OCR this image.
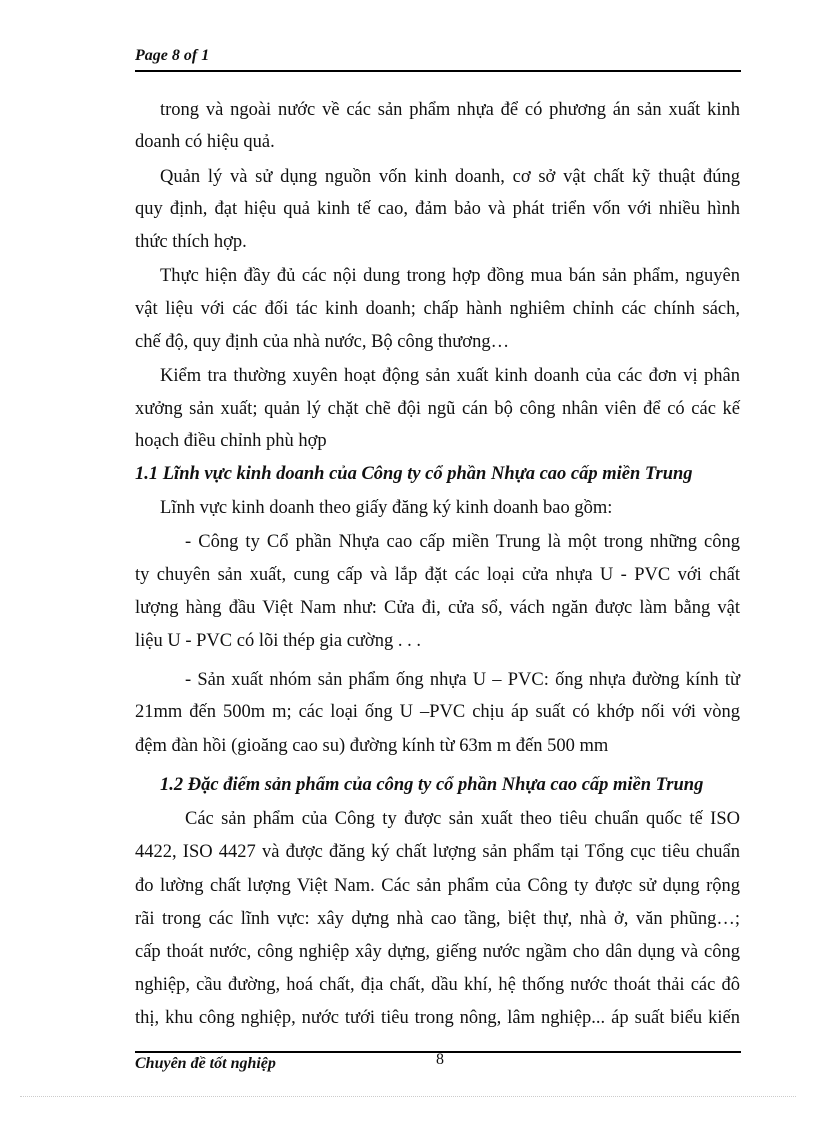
Page 8 of 1
trong và ngoài nước về các sản phẩm nhựa để có phương án sản xuất kinh
doanh có hiệu quả.
Quản lý và sử dụng nguồn vốn kinh doanh, cơ sở vật chất kỹ thuật đúng
quy định, đạt hiệu quả kinh tế cao, đảm bảo và phát triển vốn với nhiều hình
thức thích hợp.
Thực hiện đầy đủ các nội dung trong hợp đồng mua bán sản phẩm, nguyên
vật liệu với các đối tác kinh doanh; chấp hành nghiêm chỉnh các chính sách,
chế độ, quy định của nhà nước, Bộ công thương…
Kiểm tra thường xuyên hoạt động sản xuất kinh doanh của các đơn vị phân
xưởng sản xuất; quản lý chặt chẽ đội ngũ cán bộ công nhân viên để có các kế
hoạch điều chỉnh phù hợp
1.1 Lĩnh vực kinh doanh của Công ty cổ phần Nhựa cao cấp miền Trung
Lĩnh vực kinh doanh theo giấy đăng ký kinh doanh bao gồm:
- Công ty Cổ phần Nhựa cao cấp miền Trung là một trong những công
ty chuyên sản xuất, cung cấp và lắp đặt các loại cửa nhựa U - PVC với chất
lượng hàng đầu Việt Nam như: Cửa đi, cửa sổ, vách ngăn được làm bằng vật
liệu U - PVC có lõi thép gia cường . . .
- Sản xuất nhóm sản phẩm ống nhựa U – PVC: ống nhựa đường kính từ
21mm đến 500m m; các loại ống U –PVC chịu áp suất có khớp nối với vòng
đệm đàn hồi (gioăng cao su) đường kính từ 63m m đến 500 mm
1.2 Đặc điểm sản phẩm của công ty cổ phần Nhựa cao cấp miền Trung
Các sản phẩm của Công ty được sản xuất theo tiêu chuẩn quốc tế ISO
4422, ISO 4427 và được đăng ký chất lượng sản phẩm tại Tổng cục tiêu chuẩn
đo lường chất lượng Việt Nam. Các sản phẩm của Công ty được sử dụng rộng
rãi trong các lĩnh vực: xây dựng nhà cao tầng, biệt thự, nhà ở, văn phũng…;
cấp thoát nước, công nghiệp xây dựng, giếng nước ngầm cho dân dụng và công
nghiệp, cầu đường, hoá chất, địa chất, dầu khí, hệ thống nước thoát thải các đô
thị, khu công nghiệp, nước tưới tiêu trong nông, lâm nghiệp... áp suất biểu kiến
Chuyên đề tốt nghiệp	8
